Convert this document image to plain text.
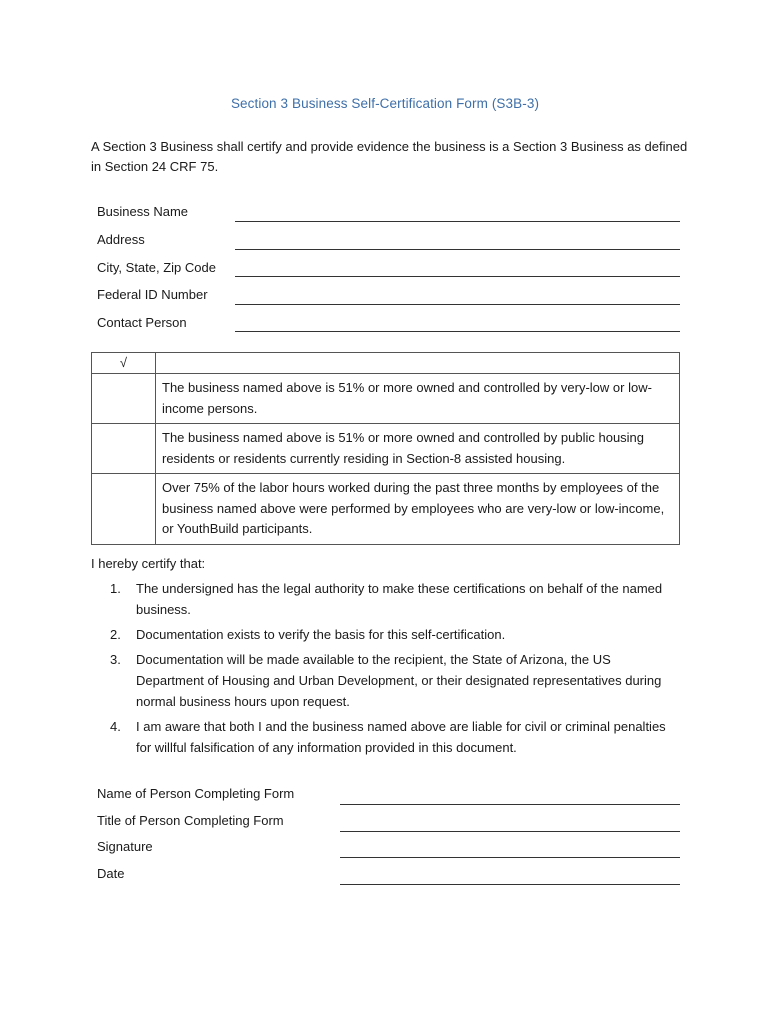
Section 3 Business Self-Certification Form (S3B-3)
A Section 3 Business shall certify and provide evidence the business is a Section 3 Business as defined in Section 24 CRF 75.
Business Name
Address
City, State, Zip Code
Federal ID Number
Contact Person
√	
	The business named above is 51% or more owned and controlled by very-low or low-income persons.
	The business named above is 51% or more owned and controlled by public housing residents or residents currently residing in Section-8 assisted housing.
	Over 75% of the labor hours worked during the past three months by employees of the business named above were performed by employees who are very-low or low-income, or YouthBuild participants.
I hereby certify that:
1. The undersigned has the legal authority to make these certifications on behalf of the named business.
2. Documentation exists to verify the basis for this self-certification.
3. Documentation will be made available to the recipient, the State of Arizona, the US Department of Housing and Urban Development, or their designated representatives during normal business hours upon request.
4. I am aware that both I and the business named above are liable for civil or criminal penalties for willful falsification of any information provided in this document.
Name of Person Completing Form
Title of Person Completing Form
Signature
Date
